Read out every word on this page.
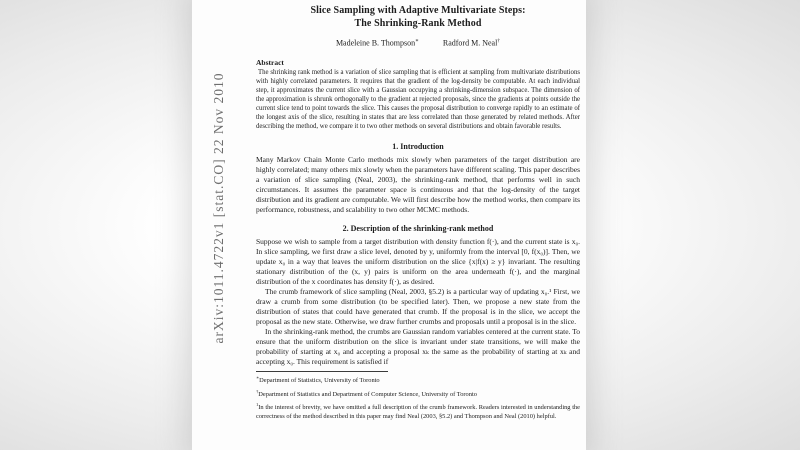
arXiv:1011.4722v1 [stat.CO] 22 Nov 2010
Slice Sampling with Adaptive Multivariate Steps:
The Shrinking-Rank Method
Madeleine B. Thompson∗	Radford M. Neal†
Abstract

The shrinking rank method is a variation of slice sampling that is efficient at sampling from multivariate distributions with highly correlated parameters. It requires that the gradient of the log-density be computable. At each individual step, it approximates the current slice with a Gaussian occupying a shrinking-dimension subspace. The dimension of the approximation is shrunk orthogonally to the gradient at rejected proposals, since the gradients at points outside the current slice tend to point towards the slice. This causes the proposal distribution to converge rapidly to an estimate of the longest axis of the slice, resulting in states that are less correlated than those generated by related methods. After describing the method, we compare it to two other methods on several distributions and obtain favorable results.

1. Introduction

Many Markov Chain Monte Carlo methods mix slowly when parameters of the target distribution are highly correlated; many others mix slowly when the parameters have different scaling. This paper describes a variation of slice sampling (Neal, 2003), the shrinking-rank method, that performs well in such circumstances. It assumes the parameter space is continuous and that the log-density of the target distribution and its gradient are computable. We will first describe how the method works, then compare its performance, robustness, and scalability to two other MCMC methods.

2. Description of the shrinking-rank method

Suppose we wish to sample from a target distribution with density function f(·), and the current state is x₀. In slice sampling, we first draw a slice level, denoted by y, uniformly from the interval [0, f(x₀)]. Then, we update x₀ in a way that leaves the uniform distribution on the slice {x|f(x) ≥ y} invariant. The resulting stationary distribution of the (x, y) pairs is uniform on the area underneath f(·), and the marginal distribution of the x coordinates has density f(·), as desired.

The crumb framework of slice sampling (Neal, 2003, §5.2) is a particular way of updating x₀.¹ First, we draw a crumb from some distribution (to be specified later). Then, we propose a new state from the distribution of states that could have generated that crumb. If the proposal is in the slice, we accept the proposal as the new state. Otherwise, we draw further crumbs and proposals until a proposal is in the slice.

In the shrinking-rank method, the crumbs are Gaussian random variables centered at the current state. To ensure that the uniform distribution on the slice is invariant under state transitions, we will make the probability of starting at x₀ and accepting a proposal xₖ the same as the probability of starting at xₖ and accepting x₀. This requirement is satisfied if

∗Department of Statistics, University of Toronto

†Department of Statistics and Department of Computer Science, University of Toronto

$^1$In the interest of brevity, we have omitted a full description of the crumb framework. Readers interested in understanding the correctness of the method described in this paper may find Neal (2003, §5.2) and Thompson and Neal (2010) helpful.
